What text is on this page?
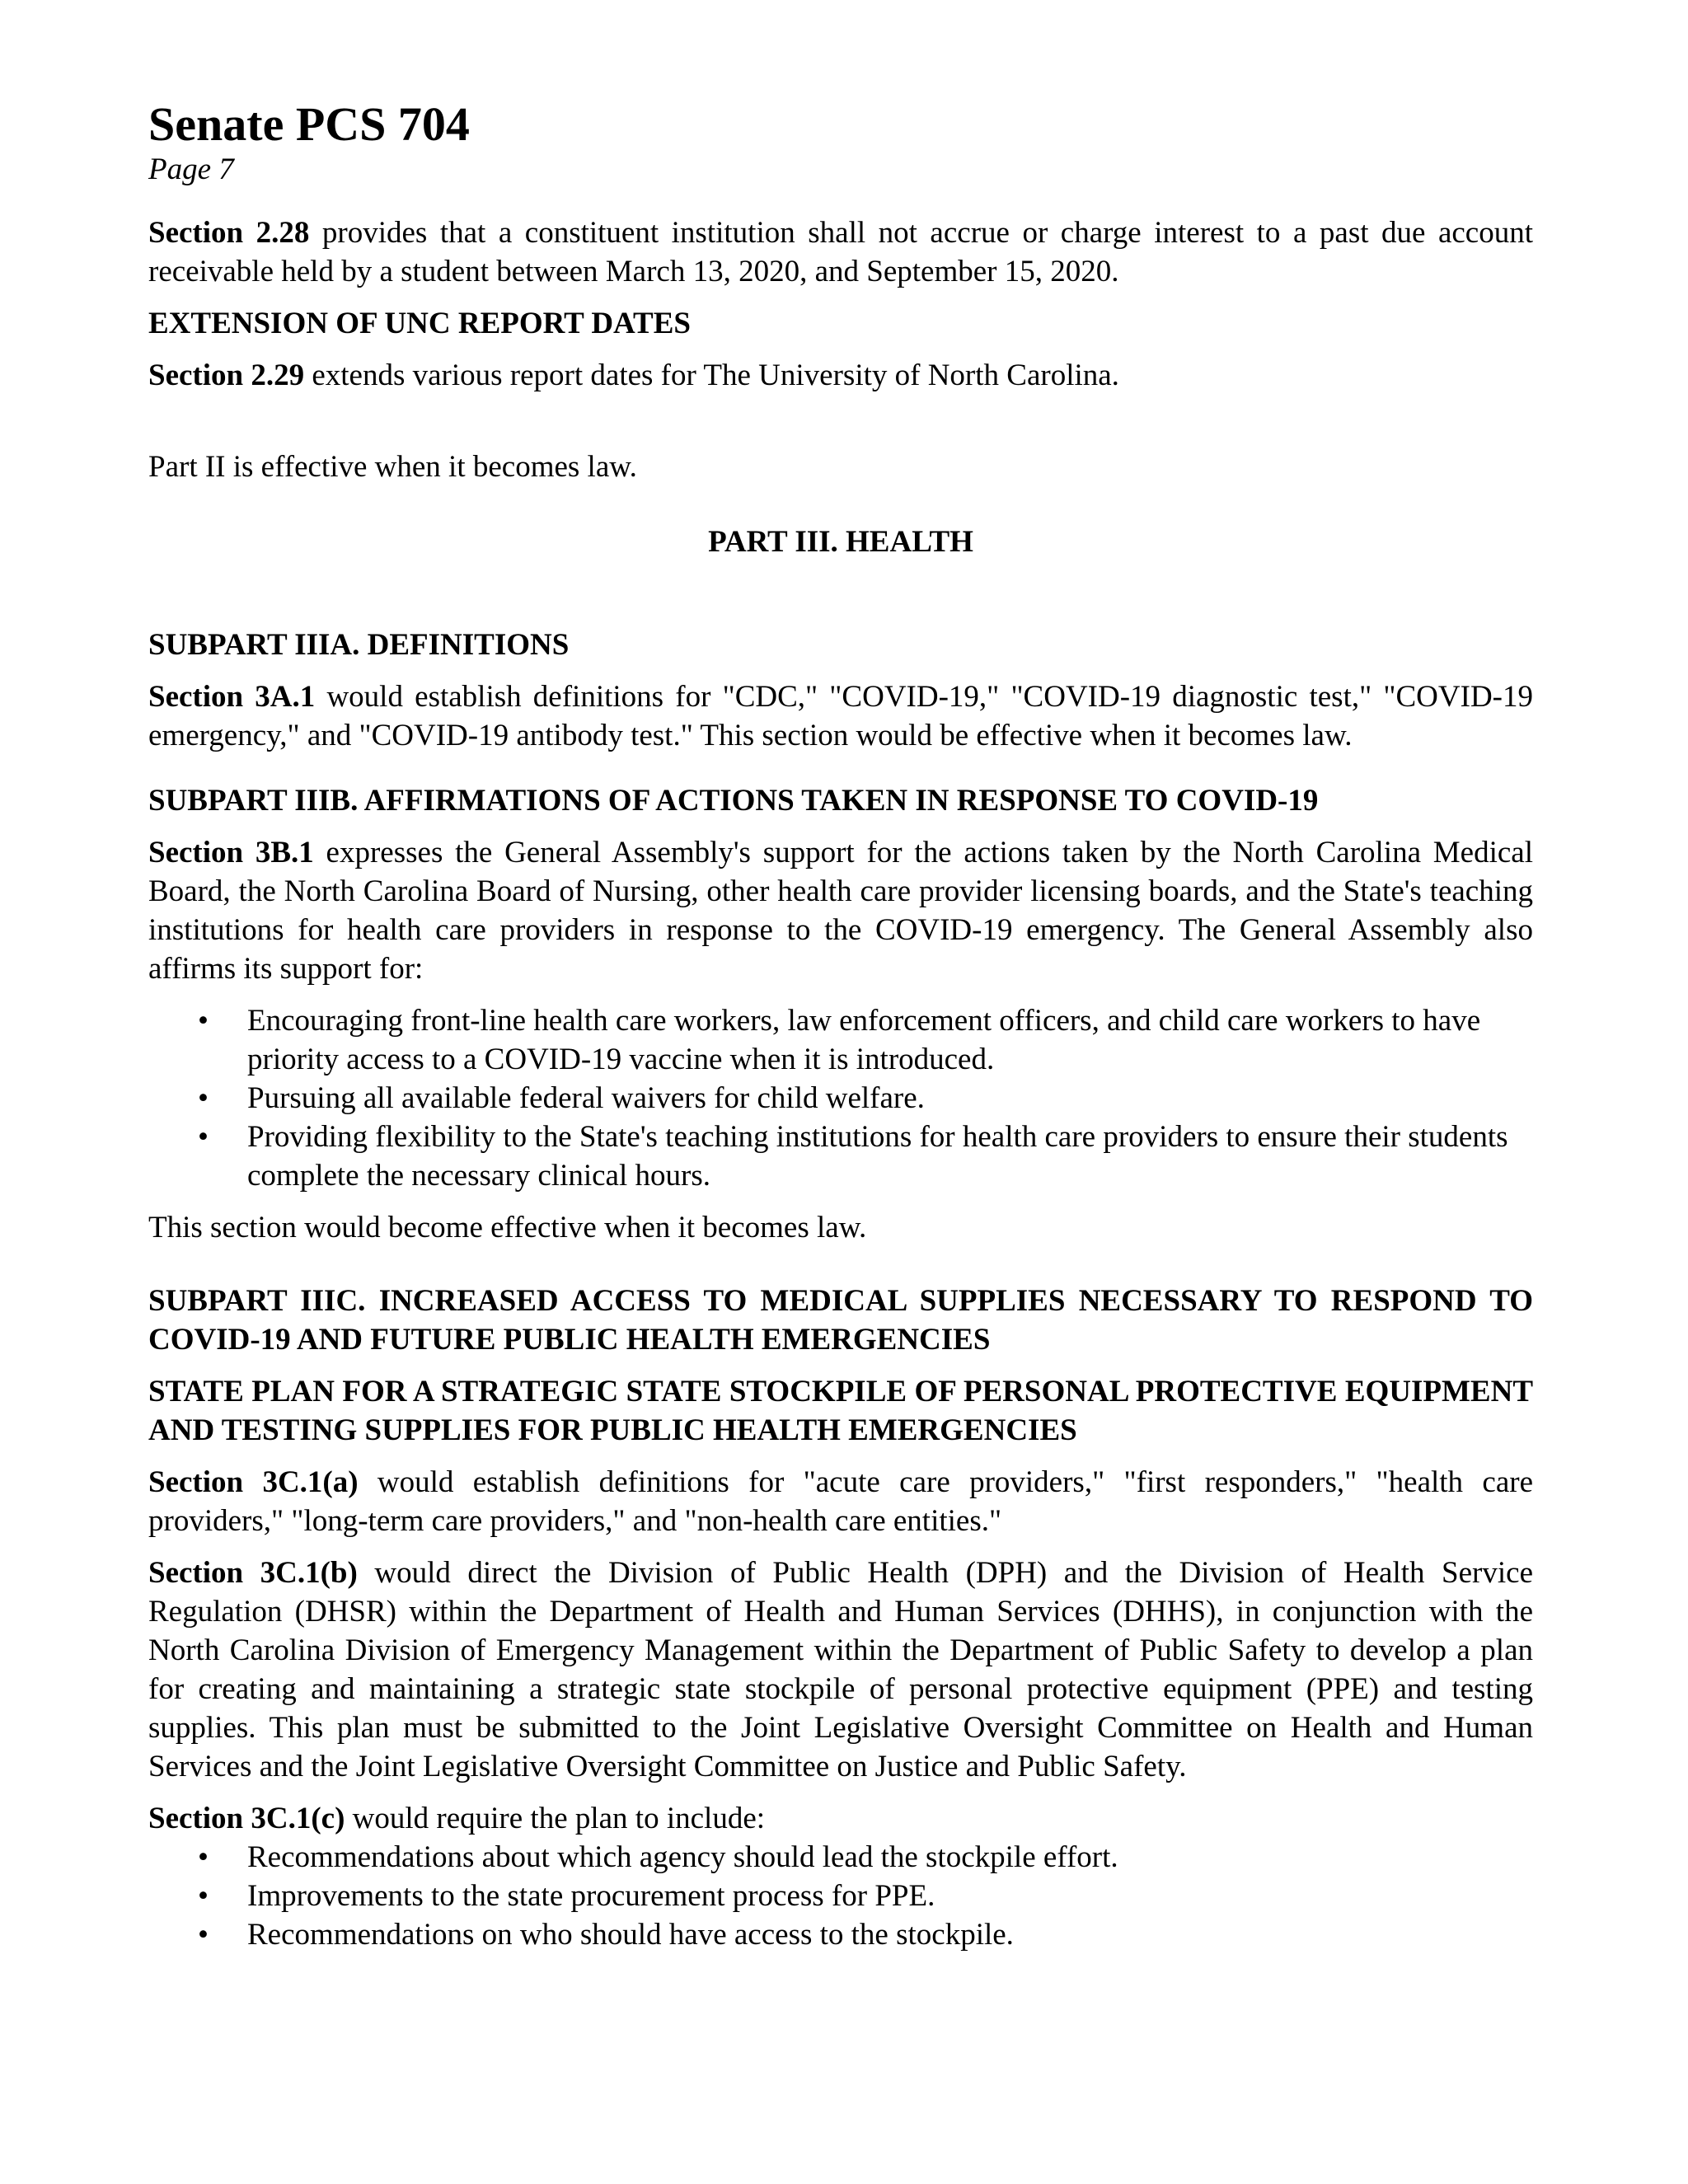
Senate PCS 704

Page 7

Section 2.28 provides that a constituent institution shall not accrue or charge interest to a past due account receivable held by a student between March 13, 2020, and September 15, 2020.

EXTENSION OF UNC REPORT DATES

Section 2.29 extends various report dates for The University of North Carolina.

Part II is effective when it becomes law.

PART III. HEALTH

SUBPART IIIA. DEFINITIONS

Section 3A.1 would establish definitions for "CDC," "COVID-19," "COVID-19 diagnostic test," "COVID-19 emergency," and "COVID-19 antibody test." This section would be effective when it becomes law.

SUBPART IIIB. AFFIRMATIONS OF ACTIONS TAKEN IN RESPONSE TO COVID-19

Section 3B.1 expresses the General Assembly's support for the actions taken by the North Carolina Medical Board, the North Carolina Board of Nursing, other health care provider licensing boards, and the State's teaching institutions for health care providers in response to the COVID-19 emergency. The General Assembly also affirms its support for:

• Encouraging front-line health care workers, law enforcement officers, and child care workers to have priority access to a COVID-19 vaccine when it is introduced.
• Pursuing all available federal waivers for child welfare.
• Providing flexibility to the State's teaching institutions for health care providers to ensure their students complete the necessary clinical hours.

This section would become effective when it becomes law.

SUBPART IIIC. INCREASED ACCESS TO MEDICAL SUPPLIES NECESSARY TO RESPOND TO COVID-19 AND FUTURE PUBLIC HEALTH EMERGENCIES

STATE PLAN FOR A STRATEGIC STATE STOCKPILE OF PERSONAL PROTECTIVE EQUIPMENT AND TESTING SUPPLIES FOR PUBLIC HEALTH EMERGENCIES

Section 3C.1(a) would establish definitions for "acute care providers," "first responders," "health care providers," "long-term care providers," and "non-health care entities."

Section 3C.1(b) would direct the Division of Public Health (DPH) and the Division of Health Service Regulation (DHSR) within the Department of Health and Human Services (DHHS), in conjunction with the North Carolina Division of Emergency Management within the Department of Public Safety to develop a plan for creating and maintaining a strategic state stockpile of personal protective equipment (PPE) and testing supplies. This plan must be submitted to the Joint Legislative Oversight Committee on Health and Human Services and the Joint Legislative Oversight Committee on Justice and Public Safety.

Section 3C.1(c) would require the plan to include:

• Recommendations about which agency should lead the stockpile effort.
• Improvements to the state procurement process for PPE.
• Recommendations on who should have access to the stockpile.
